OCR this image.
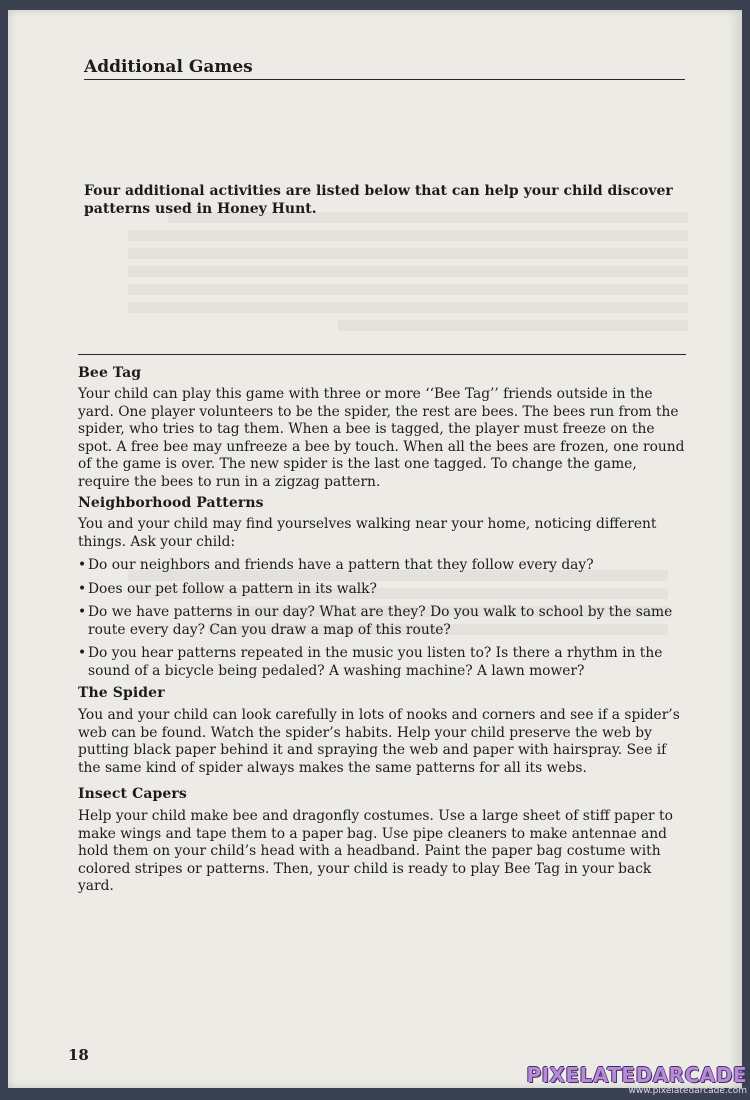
Additional Games
Four additional activities are listed below that can help your child discover patterns used in Honey Hunt.

Bee Tag

Your child can play this game with three or more ‘‘Bee Tag’’ friends outside in the yard. One player volunteers to be the spider, the rest are bees. The bees run from the spider, who tries to tag them. When a bee is tagged, the player must freeze on the spot. A free bee may unfreeze a bee by touch. When all the bees are frozen, one round of the game is over. The new spider is the last one tagged. To change the game, require the bees to run in a zigzag pattern.

Neighborhood Patterns

You and your child may find yourselves walking near your home, noticing different things. Ask your child:

• Do our neighbors and friends have a pattern that they follow every day?
• Does our pet follow a pattern in its walk?
• Do we have patterns in our day? What are they? Do you walk to school by the same route every day? Can you draw a map of this route?
• Do you hear patterns repeated in the music you listen to? Is there a rhythm in the sound of a bicycle being pedaled? A washing machine? A lawn mower?

The Spider

You and your child can look carefully in lots of nooks and corners and see if a spider’s web can be found. Watch the spider’s habits. Help your child preserve the web by putting black paper behind it and spraying the web and paper with hairspray. See if the same kind of spider always makes the same patterns for all its webs.

Insect Capers

Help your child make bee and dragonfly costumes. Use a large sheet of stiff paper to make wings and tape them to a paper bag. Use pipe cleaners to make antennae and hold them on your child’s head with a headband. Paint the paper bag costume with colored stripes or patterns. Then, your child is ready to play Bee Tag in your back yard.

18
PIXELATEDARCADE
www.pixelatedarcade.com
